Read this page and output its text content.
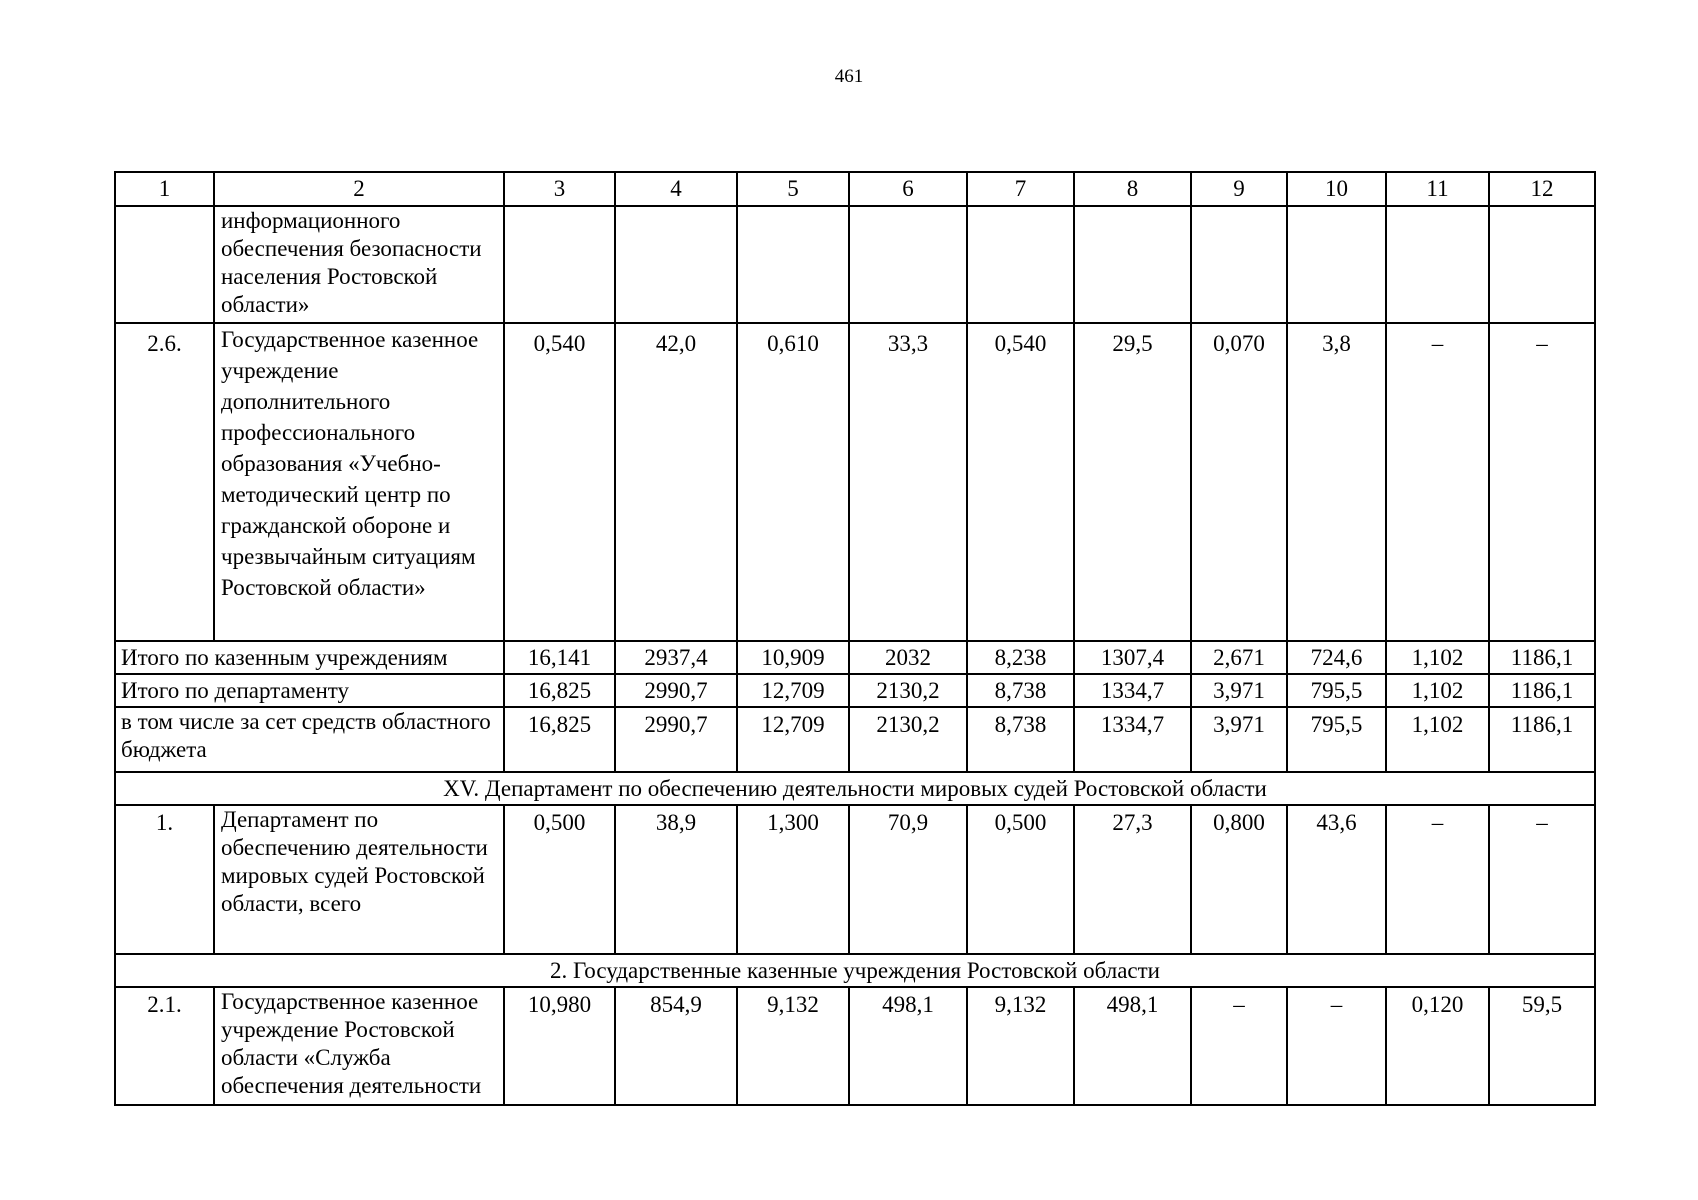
461
1	2	3	4	5	6	7	8	9	10	11	12
	информационного обеспечения безопасности населения Ростовской области»										
2.6.	Государственное казенное учреждение дополнительного профессионального образования «Учебно-методический центр по гражданской обороне и чрезвычайным ситуациям Ростовской области»	0,540	42,0	0,610	33,3	0,540	29,5	0,070	3,8	–	–
Итого по казенным учреждениям		16,141	2937,4	10,909	2032	8,238	1307,4	2,671	724,6	1,102	1186,1
Итого по департаменту		16,825	2990,7	12,709	2130,2	8,738	1334,7	3,971	795,5	1,102	1186,1
в том числе за сет средств областного бюджета		16,825	2990,7	12,709	2130,2	8,738	1334,7	3,971	795,5	1,102	1186,1
XV. Департамент по обеспечению деятельности мировых судей Ростовской области											
1.	Департамент по обеспечению деятельности мировых судей Ростовской области, всего	0,500	38,9	1,300	70,9	0,500	27,3	0,800	43,6	–	–
2. Государственные казенные учреждения Ростовской области											
2.1.	Государственное казенное учреждение Ростовской области «Служба обеспечения деятельности	10,980	854,9	9,132	498,1	9,132	498,1	–	–	0,120	59,5
